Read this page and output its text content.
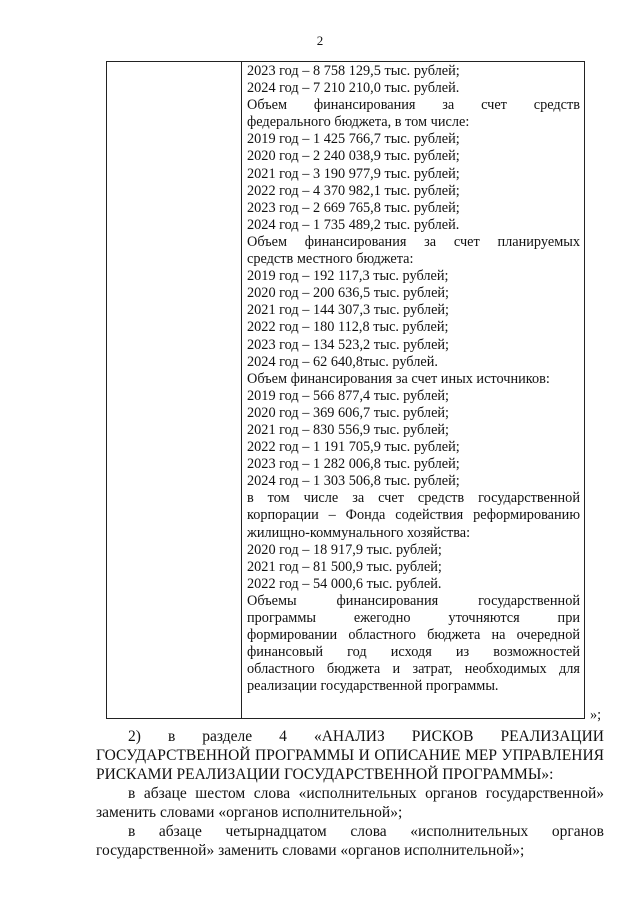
2
2023 год – 8 758 129,5 тыс. рублей;
2024 год – 7 210 210,0 тыс. рублей.
Объем финансирования за счет средств
федерального бюджета, в том числе:
2019 год – 1 425 766,7 тыс. рублей;
2020 год – 2 240 038,9 тыс. рублей;
2021 год – 3 190 977,9 тыс. рублей;
2022 год – 4 370 982,1 тыс. рублей;
2023 год – 2 669 765,8 тыс. рублей;
2024 год – 1 735 489,2 тыс. рублей.
Объем финансирования за счет планируемых
средств местного бюджета:
2019 год – 192 117,3 тыс. рублей;
2020 год – 200 636,5 тыс. рублей;
2021 год – 144 307,3 тыс. рублей;
2022 год – 180 112,8 тыс. рублей;
2023 год – 134 523,2 тыс. рублей;
2024 год – 62 640,8тыс. рублей.
Объем финансирования за счет иных источников:
2019 год – 566 877,4 тыс. рублей;
2020 год – 369 606,7 тыс. рублей;
2021 год – 830 556,9 тыс. рублей;
2022 год – 1 191 705,9 тыс. рублей;
2023 год – 1 282 006,8 тыс. рублей;
2024 год – 1 303 506,8 тыс. рублей;
в том числе за счет средств государственной
корпорации – Фонда содействия реформированию
жилищно-коммунального хозяйства:
2020 год – 18 917,9 тыс. рублей;
2021 год – 81 500,9 тыс. рублей;
2022 год – 54 000,6 тыс. рублей.
Объемы финансирования государственной
программы ежегодно уточняются при
формировании областного бюджета на очередной
финансовый год исходя из возможностей
областного бюджета и затрат, необходимых для
реализации государственной программы.
»;
2) в разделе 4 «АНАЛИЗ РИСКОВ РЕАЛИЗАЦИИ
ГОСУДАРСТВЕННОЙ ПРОГРАММЫ И ОПИСАНИЕ МЕР УПРАВЛЕНИЯ
РИСКАМИ РЕАЛИЗАЦИИ ГОСУДАРСТВЕННОЙ ПРОГРАММЫ»:
в абзаце шестом слова «исполнительных органов государственной»
заменить словами «органов исполнительной»;
в абзаце четырнадцатом слова «исполнительных органов
государственной» заменить словами «органов исполнительной»;
